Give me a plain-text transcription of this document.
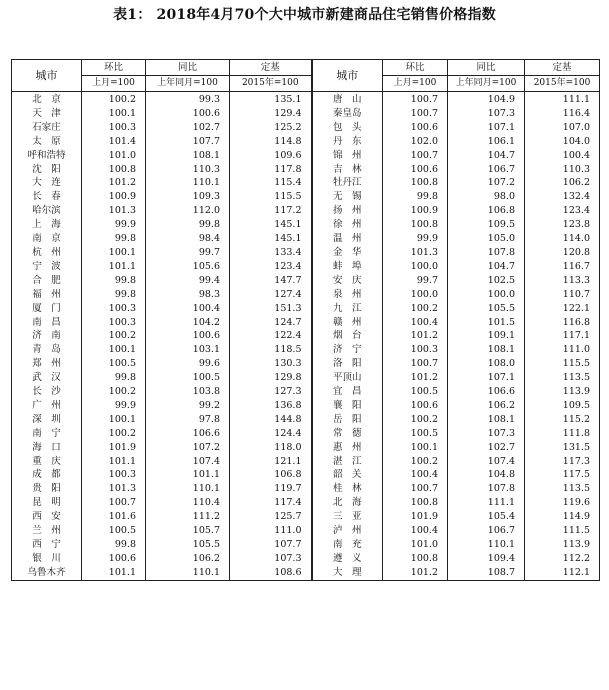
表1： 2018年4月70个大中城市新建商品住宅销售价格指数
城市	环比	同比	定基	城市	环比	同比	定基
	上月=100	上年同月=100	2015年=100		上月=100	上年同月=100	2015年=100
北　京	100.2	99.3	135.1	唐　山	100.7	104.9	111.1
天　津	100.1	100.6	129.4	秦皇岛	100.7	107.3	116.4
石家庄	100.3	102.7	125.2	包　头	100.6	107.1	107.0
太　原	101.4	107.7	114.8	丹　东	102.0	106.1	104.0
呼和浩特	101.0	108.1	109.6	锦　州	100.7	104.7	100.4
沈　阳	100.8	110.3	117.8	吉　林	100.6	106.7	110.3
大　连	101.2	110.1	115.4	牡丹江	100.8	107.2	106.2
长　春	100.9	109.3	115.5	无　锡	99.8	98.0	132.4
哈尔滨	101.3	112.0	117.2	扬　州	100.9	106.8	123.4
上　海	99.9	99.8	145.1	徐　州	100.8	109.5	123.8
南　京	99.8	98.4	145.1	温　州	99.9	105.0	114.0
杭　州	100.1	99.7	133.4	金　华	101.3	107.8	120.8
宁　波	101.1	105.6	123.4	蚌　埠	100.0	104.7	116.7
合　肥	99.8	99.4	147.7	安　庆	99.7	102.5	113.3
福　州	99.8	98.3	127.4	泉　州	100.0	100.0	110.7
厦　门	100.3	100.4	151.3	九　江	100.2	105.5	122.1
南　昌	100.3	104.2	124.7	赣　州	100.4	101.5	116.8
济　南	100.2	100.6	122.4	烟　台	101.2	109.1	117.1
青　岛	100.1	103.1	118.5	济　宁	100.3	108.1	111.0
郑　州	100.5	99.6	130.3	洛　阳	100.7	108.0	115.5
武　汉	99.8	100.5	129.8	平顶山	101.2	107.1	113.5
长　沙	100.2	103.8	127.3	宜　昌	100.5	106.6	113.9
广　州	99.9	99.2	136.8	襄　阳	100.6	106.2	109.5
深　圳	100.1	97.8	144.8	岳　阳	100.2	108.1	115.2
南　宁	100.2	106.6	124.4	常　德	100.5	107.3	111.8
海　口	101.9	107.2	118.0	惠　州	100.1	102.7	131.5
重　庆	101.1	107.4	121.1	湛　江	100.2	107.4	117.3
成　都	100.3	101.1	106.8	韶　关	100.4	104.8	117.5
贵　阳	101.3	110.1	119.7	桂　林	100.7	107.8	113.5
昆　明	100.7	110.4	117.4	北　海	100.8	111.1	119.6
西　安	101.6	111.2	125.7	三　亚	101.9	105.4	114.9
兰　州	100.5	105.7	111.0	泸　州	100.4	106.7	111.5
西　宁	99.8	105.5	107.7	南　充	101.0	110.1	113.9
银　川	100.6	106.2	107.3	遵　义	100.8	109.4	112.2
乌鲁木齐	101.1	110.1	108.6	大　理	101.2	108.7	112.1
